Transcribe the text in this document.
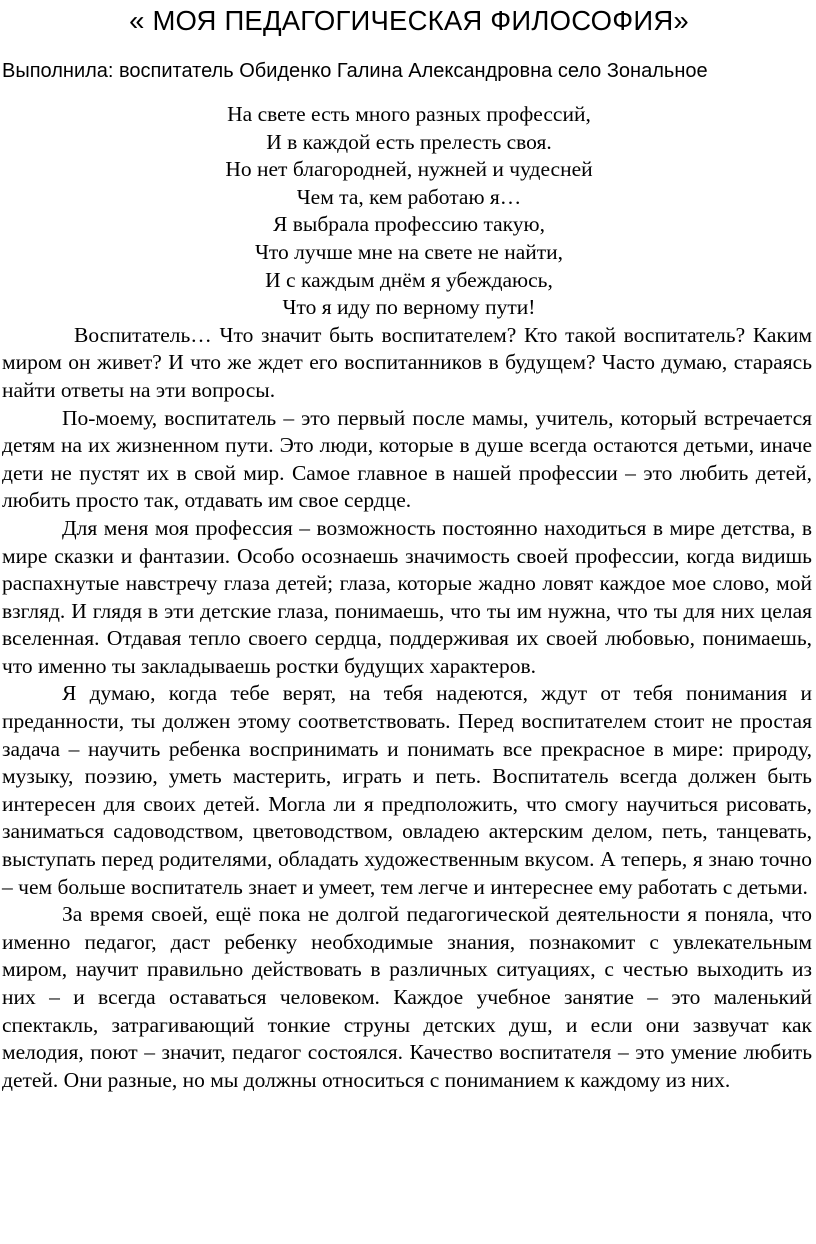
« МОЯ ПЕДАГОГИЧЕСКАЯ ФИЛОСОФИЯ»
Выполнила: воспитатель Обиденко Галина Александровна село Зональное
На свете есть много разных профессий,
И в каждой есть прелесть своя.
Но нет благородней, нужней и чудесней
Чем та, кем работаю я…
Я выбрала профессию такую,
Что лучше мне на свете не найти,
И с каждым днём я убеждаюсь,
Что я иду по верному пути!

Воспитатель… Что значит быть воспитателем? Кто такой воспитатель? Каким миром он живет? И что же ждет его воспитанников в будущем? Часто думаю, стараясь найти ответы на эти вопросы.

По-моему, воспитатель – это первый после мамы, учитель, который встречается детям на их жизненном пути. Это люди, которые в душе всегда остаются детьми, иначе дети не пустят их в свой мир. Самое главное в нашей профессии – это любить детей, любить просто так, отдавать им свое сердце.

Для меня моя профессия – возможность постоянно находиться в мире детства, в мире сказки и фантазии. Особо осознаешь значимость своей профессии, когда видишь распахнутые навстречу глаза детей; глаза, которые жадно ловят каждое мое слово, мой взгляд. И глядя в эти детские глаза, понимаешь, что ты им нужна, что ты для них целая вселенная. Отдавая тепло своего сердца, поддерживая их своей любовью, понимаешь, что именно ты закладываешь ростки будущих характеров.

Я думаю, когда тебе верят, на тебя надеются, ждут от тебя понимания и преданности, ты должен этому соответствовать. Перед воспитателем стоит не простая задача – научить ребенка воспринимать и понимать все прекрасное в мире: природу, музыку, поэзию, уметь мастерить, играть и петь. Воспитатель всегда должен быть интересен для своих детей. Могла ли я предположить, что смогу научиться рисовать, заниматься садоводством, цветоводством, овладею актерским делом, петь, танцевать, выступать перед родителями, обладать художественным вкусом. А теперь, я знаю точно – чем больше воспитатель знает и умеет, тем легче и интереснее ему работать с детьми.

За время своей, ещё пока не долгой педагогической деятельности я поняла, что именно педагог, даст ребенку необходимые знания, познакомит с увлекательным миром, научит правильно действовать в различных ситуациях, с честью выходить из них – и всегда оставаться человеком. Каждое учебное занятие – это маленький спектакль, затрагивающий тонкие струны детских душ, и если они зазвучат как мелодия, поют – значит, педагог состоялся. Качество воспитателя – это умение любить детей. Они разные, но мы должны относиться с пониманием к каждому из них.
